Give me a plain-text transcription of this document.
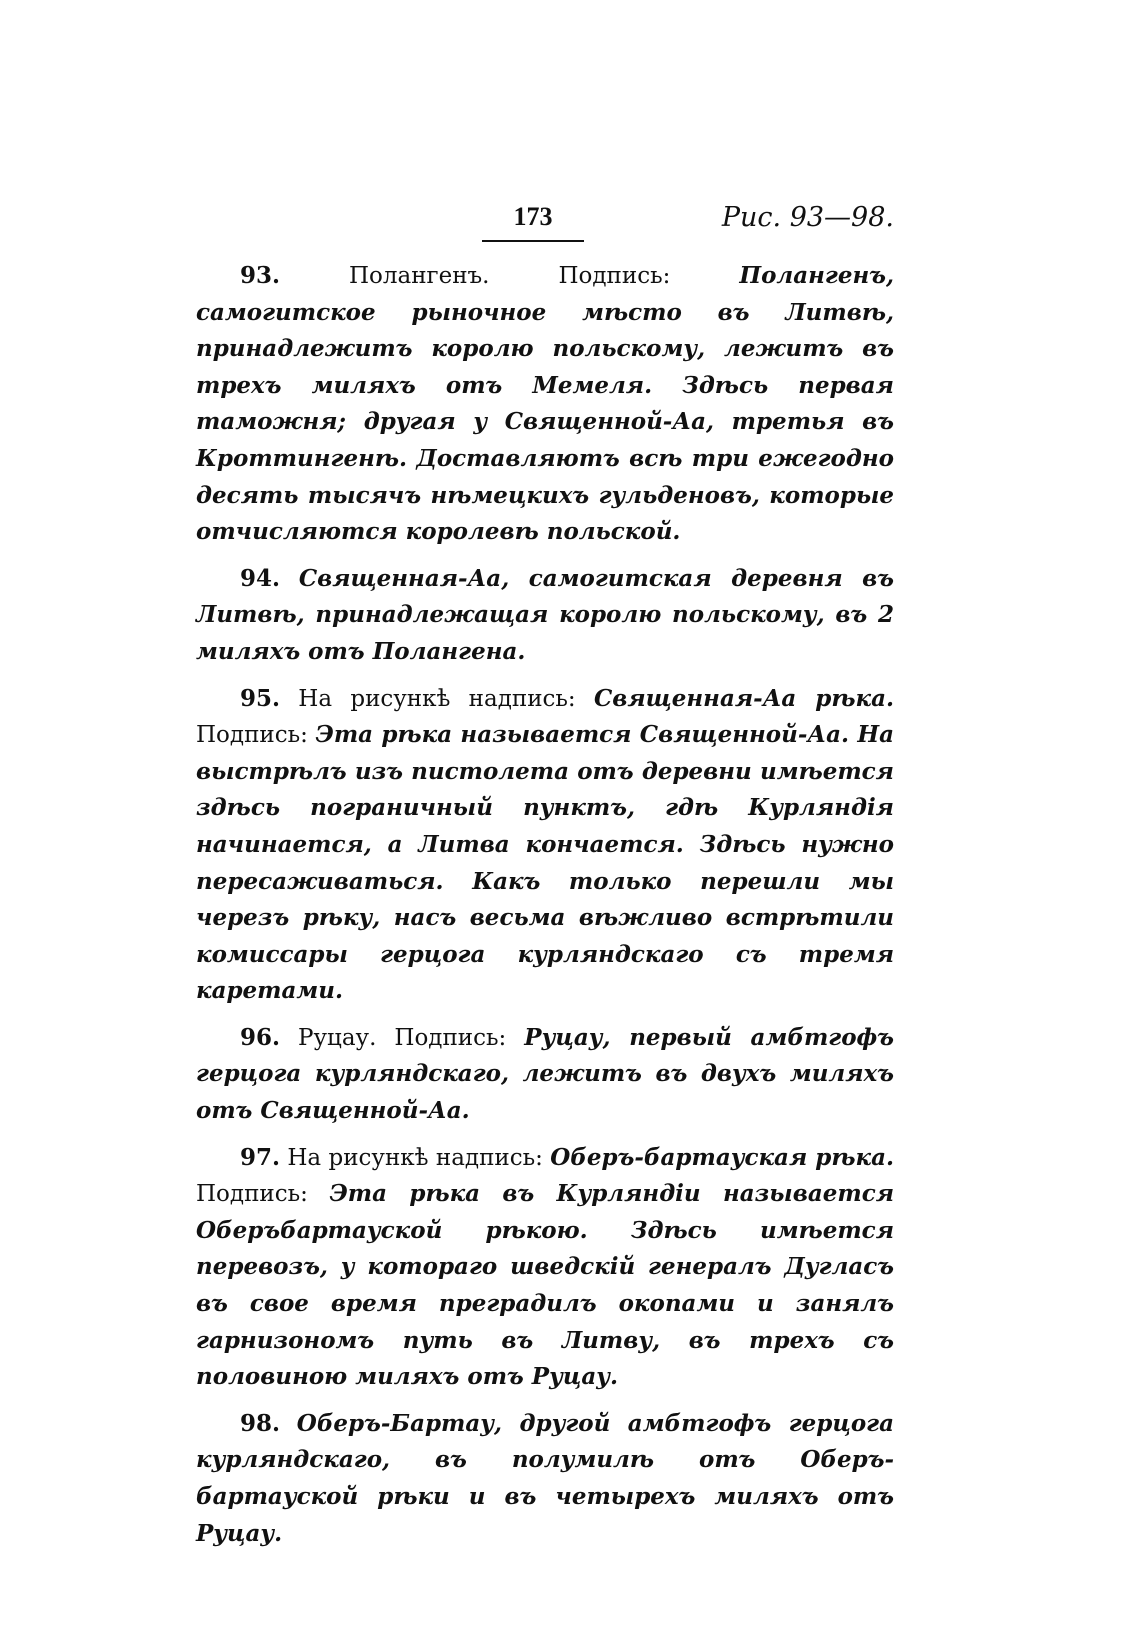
173	Рис. 93—98.

93.	Полангенъ. Подпись:	Полангенъ, самогитское рыночное мѣсто въ Литвѣ, принадлежитъ королю польскому, лежитъ въ трехъ миляхъ отъ Мемеля. Здѣсь первая таможня; другая у Священной-Аа, третья въ Кроттингенѣ. Доставляютъ всѣ три ежегодно десять тысячъ нѣмецкихъ гульденовъ, которые отчисляются королевѣ польской.

94. Священная-Аа, самогитская деревня въ Литвѣ, принадлежащая королю польскому, въ 2 миляхъ отъ Полангена.

95. На рисункѣ надпись: Священная-Аа рѣка. Подпись: Эта рѣка называется Священной-Аа. На выстрѣлъ изъ пистолета отъ деревни имѣется здѣсь пограничный пунктъ, гдѣ Курляндія начинается, а Литва кончается. Здѣсь нужно пересаживаться. Какъ только перешли мы черезъ рѣку, насъ весьма вѣжливо встрѣтили комиссары герцога курляндскаго съ тремя каретами.

96. Руцау. Подпись: Руцау, первый амбтгофъ герцога курляндскаго, лежитъ въ двухъ миляхъ отъ Священной-Аа.

97. На рисункѣ надпись: Оберъ-бартауская рѣка. Подпись: Эта рѣка въ Курляндіи называется Оберъбартауской рѣкою. Здѣсь имѣется перевозъ, у котораго шведскій генералъ Дугласъ въ свое время преградилъ окопами и занялъ гарнизономъ путь въ Литву, въ трехъ съ половиною миляхъ отъ Руцау.

98. Оберъ-Бартау, другой амбтгофъ герцога курляндскаго, въ полумилѣ отъ Оберъ-бартауской рѣки и въ четырехъ миляхъ отъ Руцау.
